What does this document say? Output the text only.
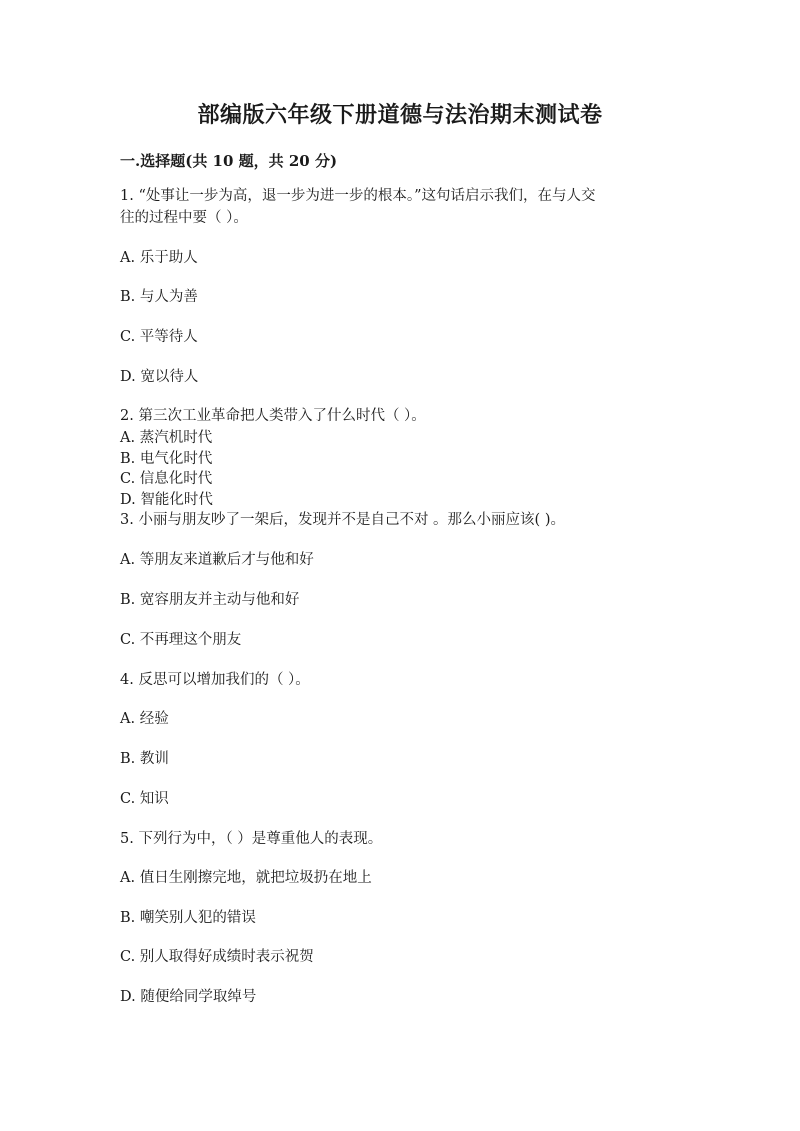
部编版六年级下册道德与法治期末测试卷
一.选择题(共 10 题，共 20 分)
1. “处事让一步为高，退一步为进一步的根本。”这句话启示我们，在与人交
往的过程中要（ ）。
A. 乐于助人
B. 与人为善
C. 平等待人
D. 宽以待人
2. 第三次工业革命把人类带入了什么时代（ ）。
A. 蒸汽机时代
B. 电气化时代
C. 信息化时代
D. 智能化时代
3. 小丽与朋友吵了一架后，发现并不是自己不对 。那么小丽应该( )。
A. 等朋友来道歉后才与他和好
B. 宽容朋友并主动与他和好
C. 不再理这个朋友
4. 反思可以增加我们的（ ）。
A. 经验
B. 教训
C. 知识
5. 下列行为中，（ ）是尊重他人的表现。
A. 值日生刚擦完地，就把垃圾扔在地上
B. 嘲笑别人犯的错误
C. 别人取得好成绩时表示祝贺
D. 随便给同学取绰号
